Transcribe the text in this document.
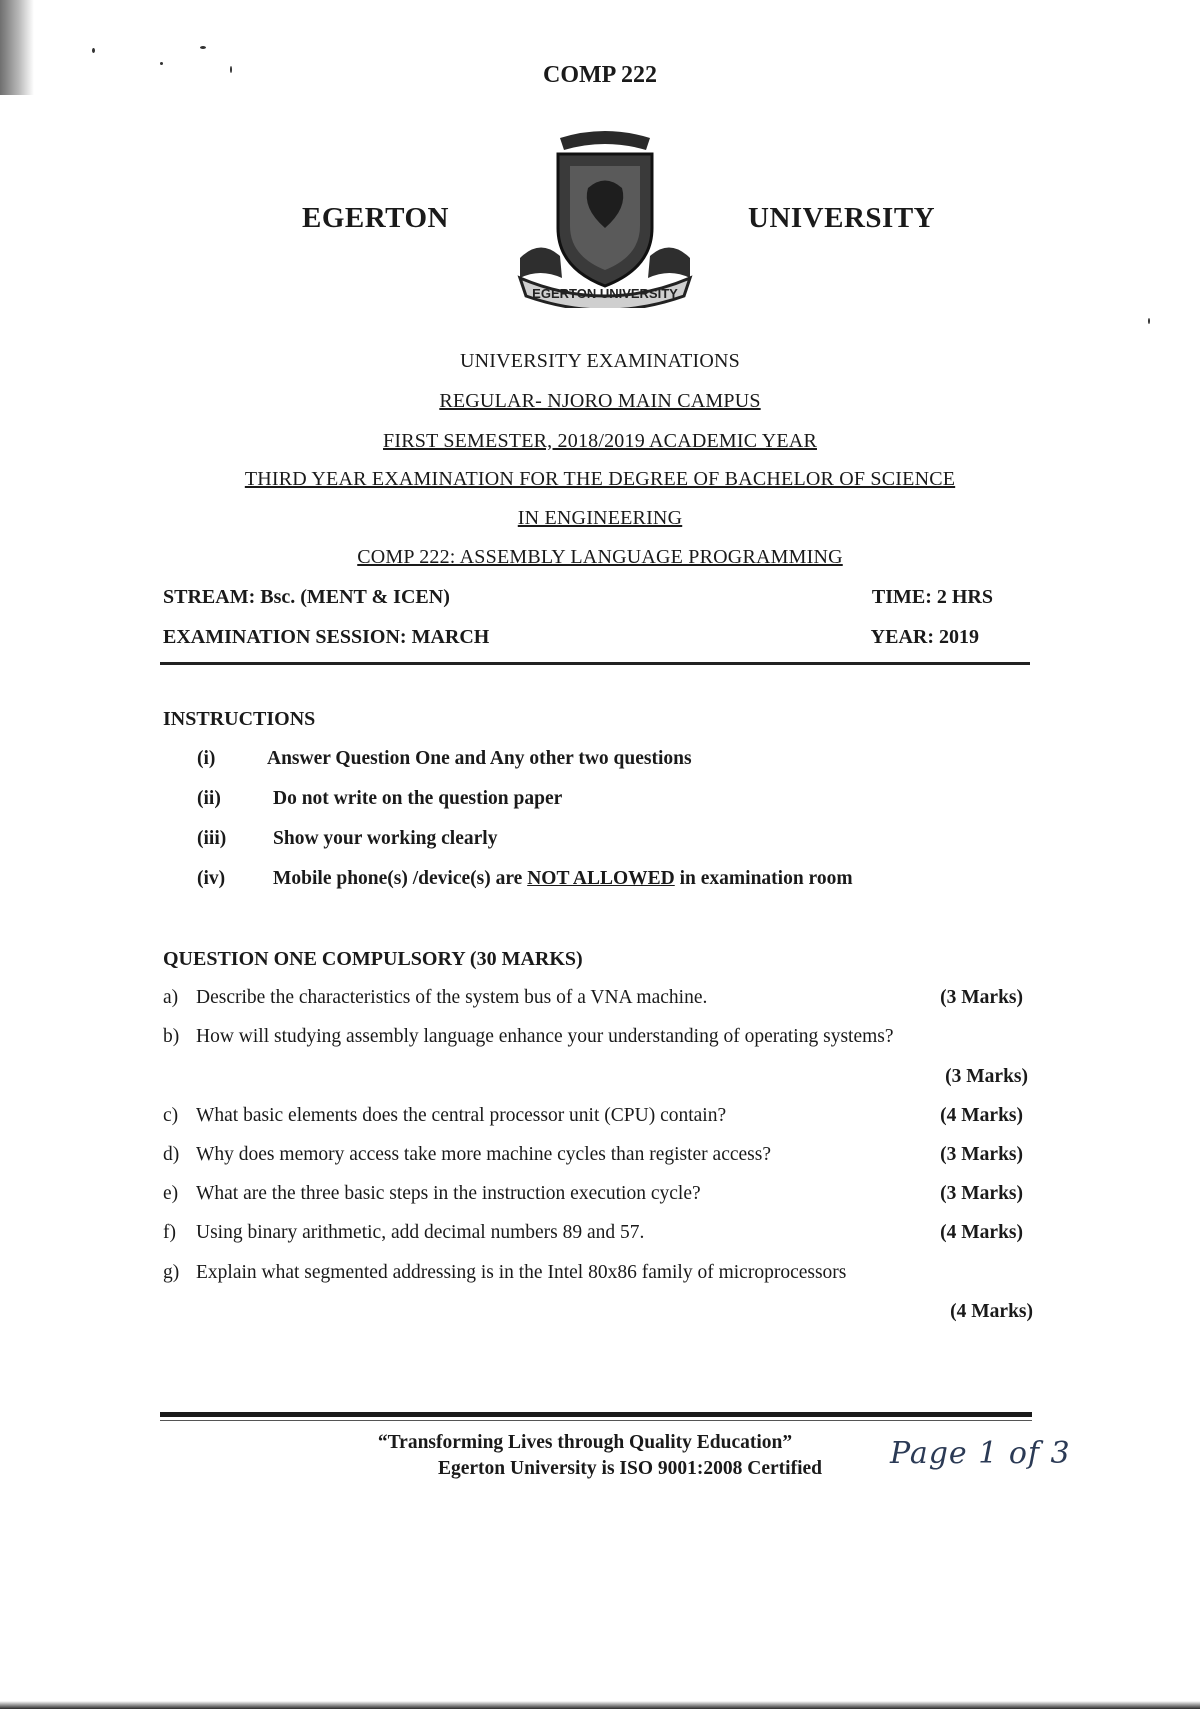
COMP 222
EGERTON	UNIVERSITY
EGERTON UNIVERSITY
UNIVERSITY EXAMINATIONS
REGULAR- NJORO MAIN CAMPUS
FIRST SEMESTER, 2018/2019 ACADEMIC YEAR
THIRD YEAR EXAMINATION FOR THE DEGREE OF BACHELOR OF SCIENCE
IN ENGINEERING
COMP 222: ASSEMBLY LANGUAGE PROGRAMMING
STREAM: Bsc. (MENT & ICEN)	TIME: 2 HRS
EXAMINATION SESSION: MARCH	YEAR: 2019
INSTRUCTIONS
(i)	Answer Question One and Any other two questions
(ii)	Do not write on the question paper
(iii) Show your working clearly
(iv) Mobile phone(s) /device(s) are NOT ALLOWED in examination room
QUESTION ONE COMPULSORY (30 MARKS)
a) Describe the characteristics of the system bus of a VNA machine.	(3 Marks)
b) How will studying assembly language enhance your understanding of operating systems?
(3 Marks)
c) What basic elements does the central processor unit (CPU) contain?	(4 Marks)
d) Why does memory access take more machine cycles than register access?	(3 Marks)
e) What are the three basic steps in the instruction execution cycle?	(3 Marks)
f) Using binary arithmetic, add decimal numbers 89 and 57.	(4 Marks)
g) Explain what segmented addressing is in the Intel 80x86 family of microprocessors
(4 Marks)
“Transforming Lives through Quality Education”
Egerton University is ISO 9001:2008 Certified	Page 1 of 3
